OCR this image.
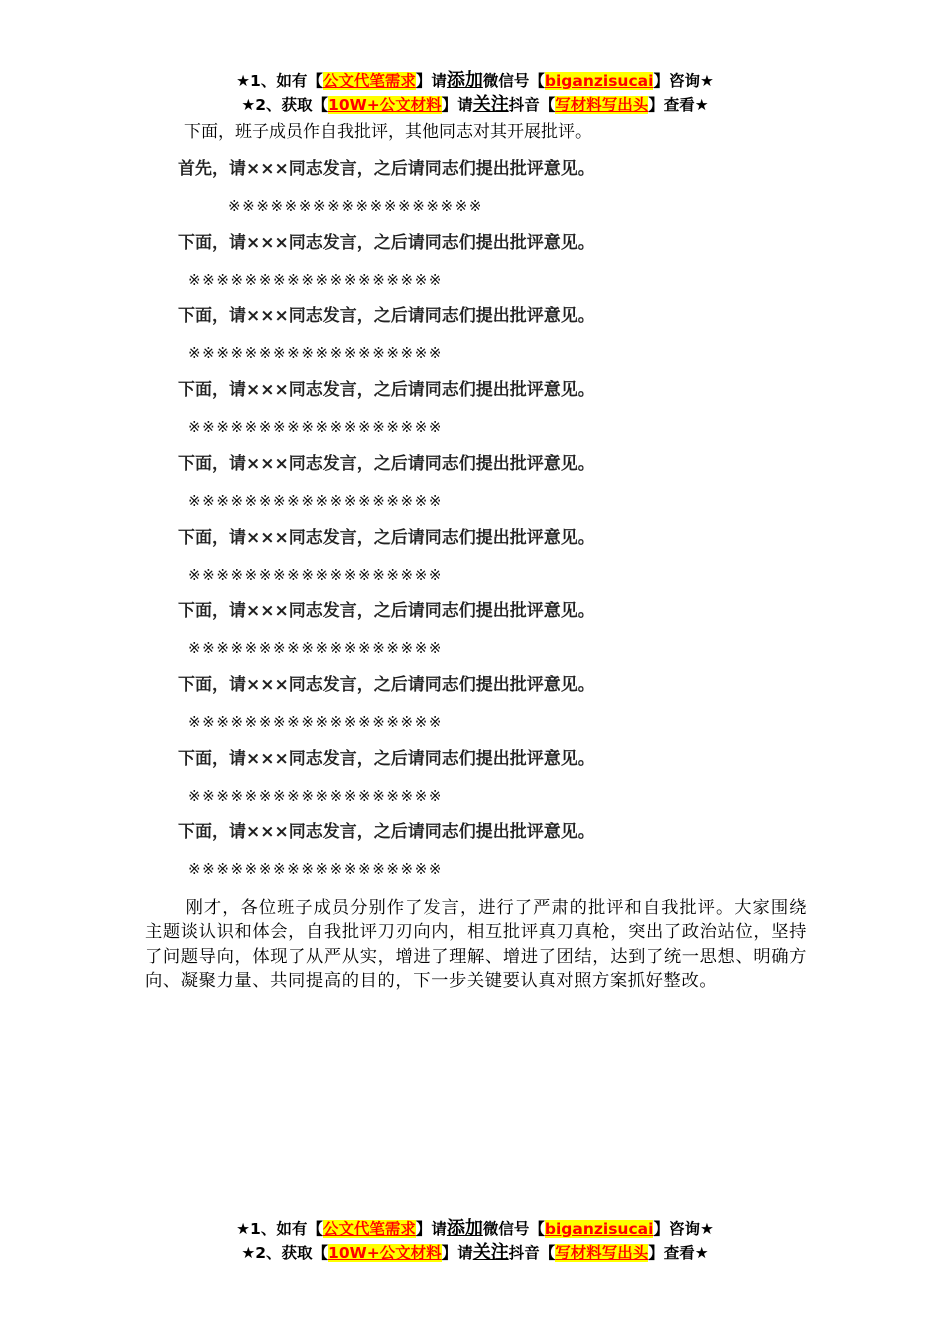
★1、如有【公文代笔需求】请添加微信号【biganzisucai】咨询★
★2、获取【10W+公文材料】请关注抖音【写材料写出头】查看★
下面，班子成员作自我批评，其他同志对其开展批评。
首先，请×××同志发言，之后请同志们提出批评意见。
※※※※※※※※※※※※※※※※※※
下面，请×××同志发言，之后请同志们提出批评意见。
※※※※※※※※※※※※※※※※※※
下面，请×××同志发言，之后请同志们提出批评意见。
※※※※※※※※※※※※※※※※※※
下面，请×××同志发言，之后请同志们提出批评意见。
※※※※※※※※※※※※※※※※※※
下面，请×××同志发言，之后请同志们提出批评意见。
※※※※※※※※※※※※※※※※※※
下面，请×××同志发言，之后请同志们提出批评意见。
※※※※※※※※※※※※※※※※※※
下面，请×××同志发言，之后请同志们提出批评意见。
※※※※※※※※※※※※※※※※※※
下面，请×××同志发言，之后请同志们提出批评意见。
※※※※※※※※※※※※※※※※※※
下面，请×××同志发言，之后请同志们提出批评意见。
※※※※※※※※※※※※※※※※※※
下面，请×××同志发言，之后请同志们提出批评意见。
※※※※※※※※※※※※※※※※※※
刚才，各位班子成员分别作了发言，进行了严肃的批评和自我批评。大家围绕主题谈认识和体会，自我批评刀刃向内，相互批评真刀真枪，突出了政治站位，坚持了问题导向，体现了从严从实，增进了理解、增进了团结，达到了统一思想、明确方向、凝聚力量、共同提高的目的，下一步关键要认真对照方案抓好整改。
★1、如有【公文代笔需求】请添加微信号【biganzisucai】咨询★
★2、获取【10W+公文材料】请关注抖音【写材料写出头】查看★
